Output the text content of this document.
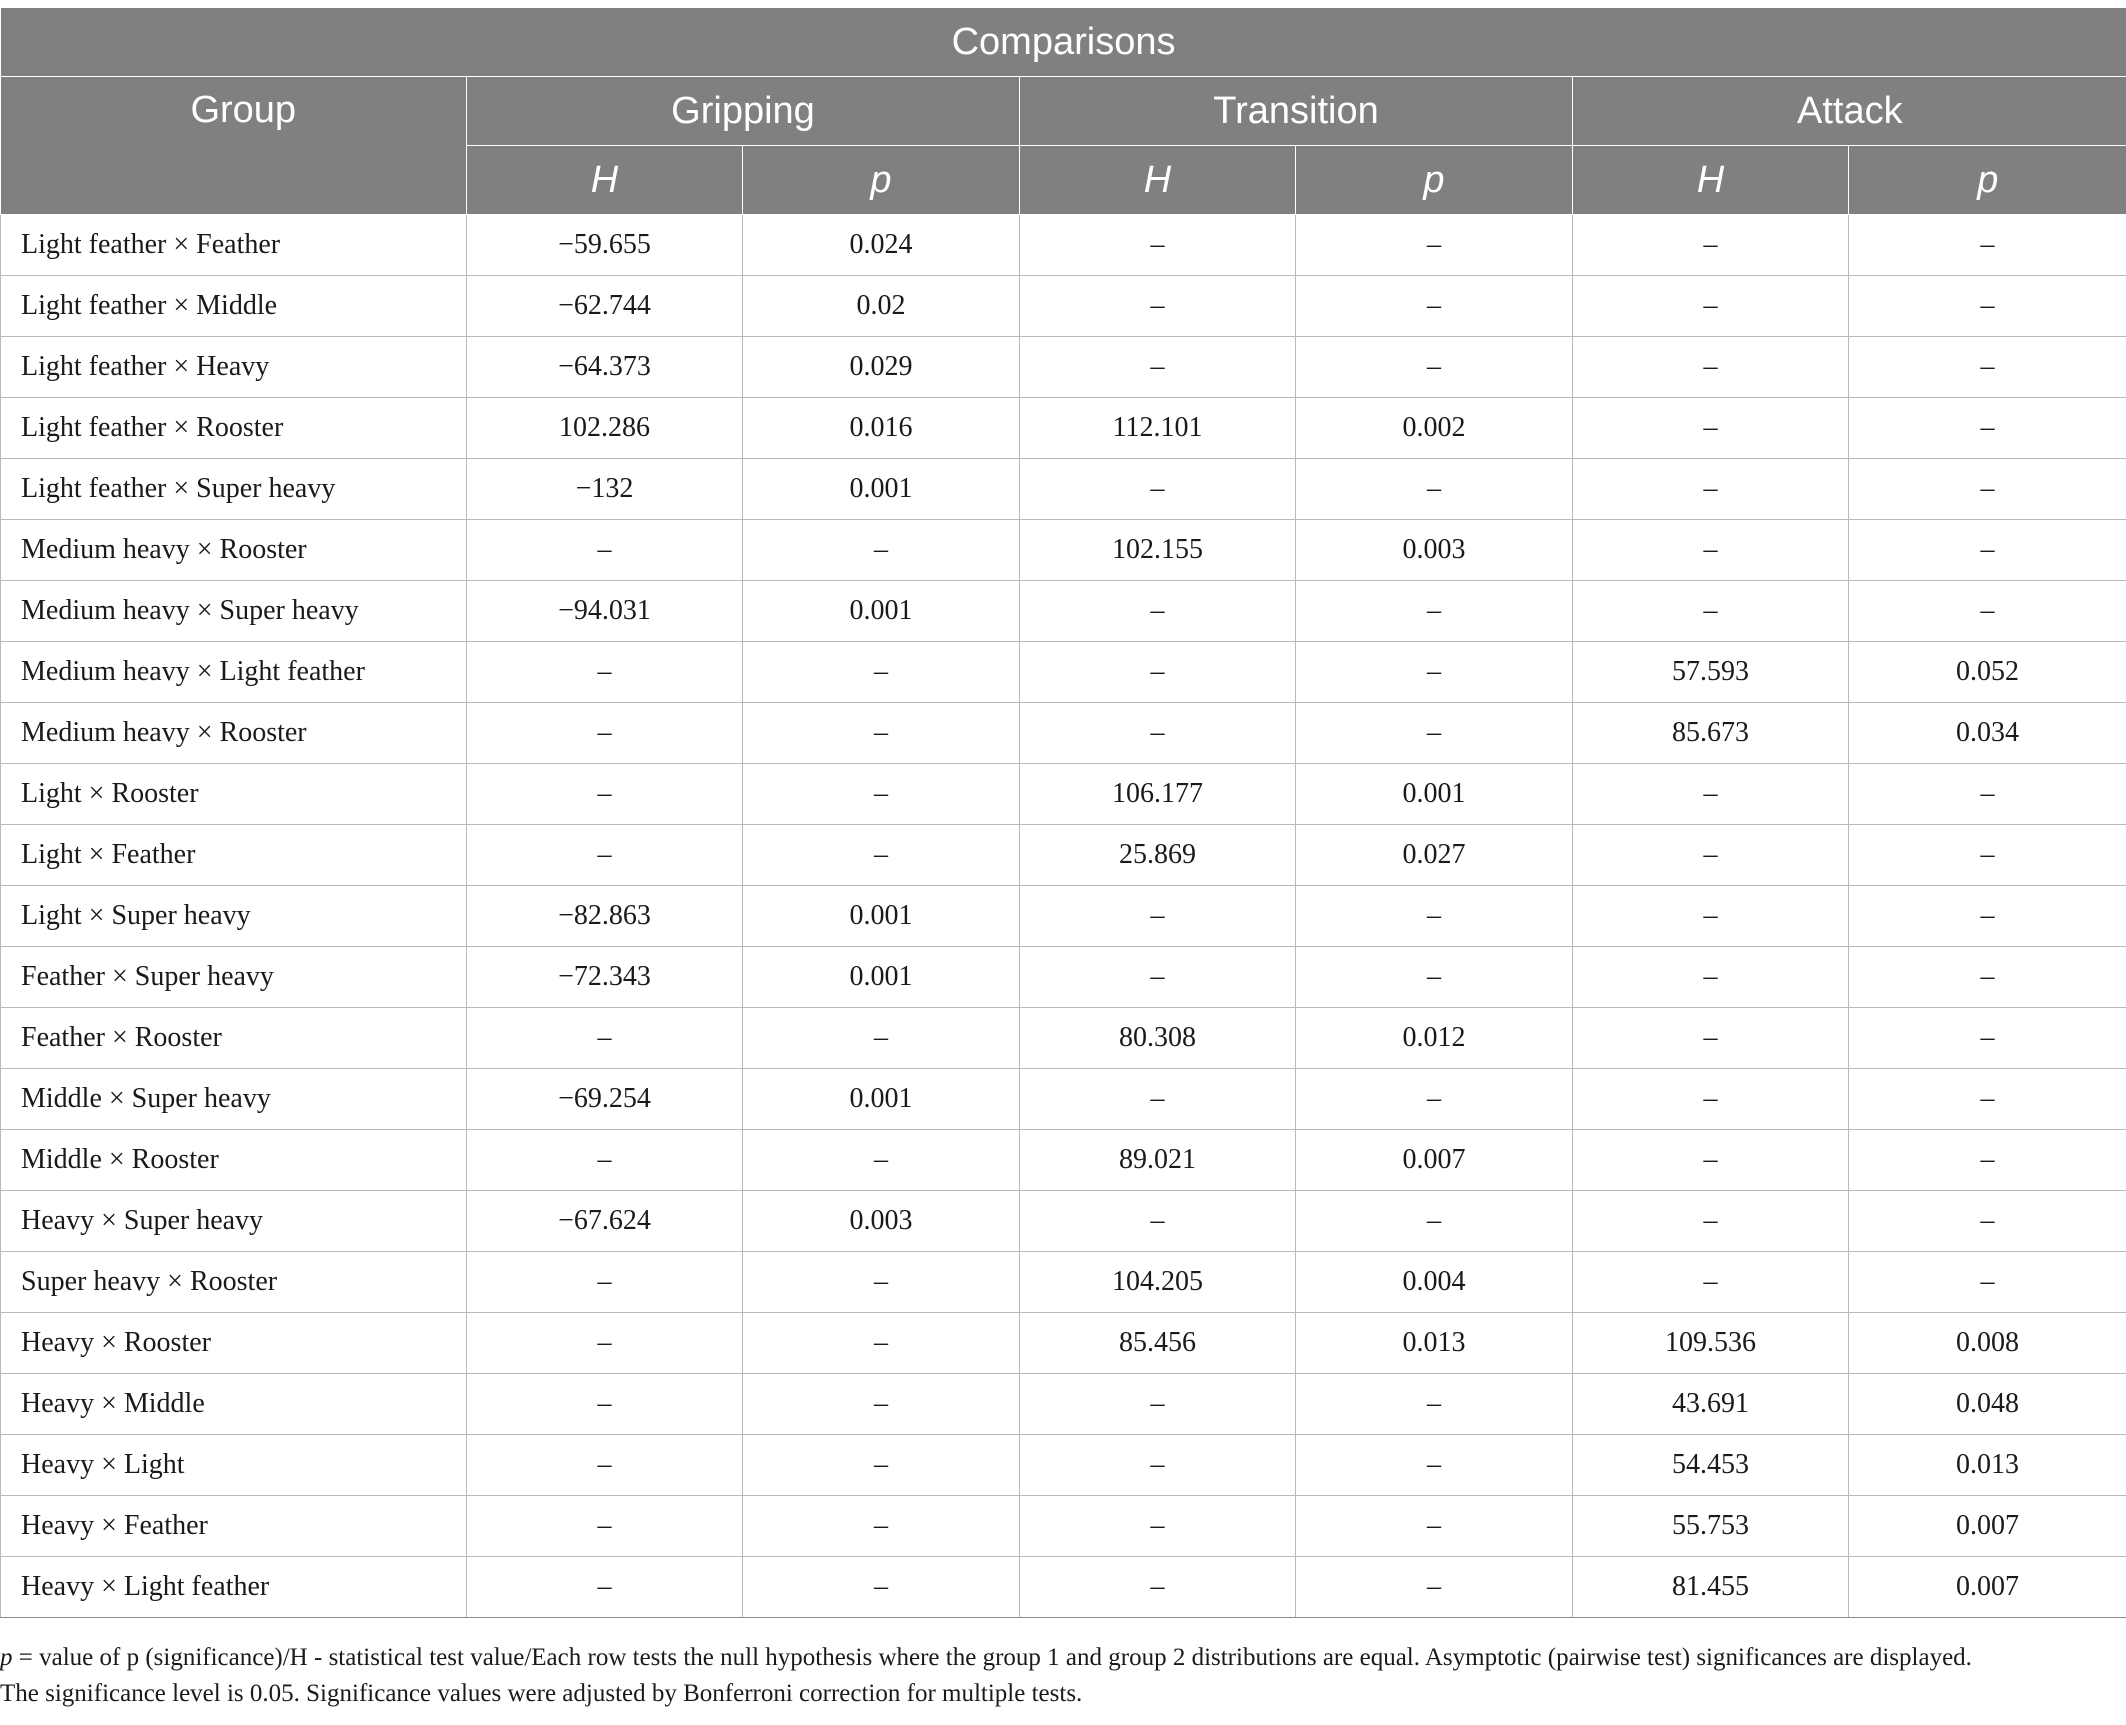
Comparisons						
Group	Gripping		Transition		Attack	
	H	p	H	p	H	p
Light feather × Feather	−59.655	0.024	–	–	–	–
Light feather × Middle	−62.744	0.02	–	–	–	–
Light feather × Heavy	−64.373	0.029	–	–	–	–
Light feather × Rooster	102.286	0.016	112.101	0.002	–	–
Light feather × Super heavy	−132	0.001	–	–	–	–
Medium heavy × Rooster	–	–	102.155	0.003	–	–
Medium heavy × Super heavy	−94.031	0.001	–	–	–	–
Medium heavy × Light feather	–	–	–	–	57.593	0.052
Medium heavy × Rooster	–	–	–	–	85.673	0.034
Light × Rooster	–	–	106.177	0.001	–	–
Light × Feather	–	–	25.869	0.027	–	–
Light × Super heavy	−82.863	0.001	–	–	–	–
Feather × Super heavy	−72.343	0.001	–	–	–	–
Feather × Rooster	–	–	80.308	0.012	–	–
Middle × Super heavy	−69.254	0.001	–	–	–	–
Middle × Rooster	–	–	89.021	0.007	–	–
Heavy × Super heavy	−67.624	0.003	–	–	–	–
Super heavy × Rooster	–	–	104.205	0.004	–	–
Heavy × Rooster	–	–	85.456	0.013	109.536	0.008
Heavy × Middle	–	–	–	–	43.691	0.048
Heavy × Light	–	–	–	–	54.453	0.013
Heavy × Feather	–	–	–	–	55.753	0.007
Heavy × Light feather	–	–	–	–	81.455	0.007
p = value of p (significance)/H - statistical test value/Each row tests the null hypothesis where the group 1 and group 2 distributions are equal. Asymptotic (pairwise test) significances are displayed.
The significance level is 0.05. Significance values were adjusted by Bonferroni correction for multiple tests.
